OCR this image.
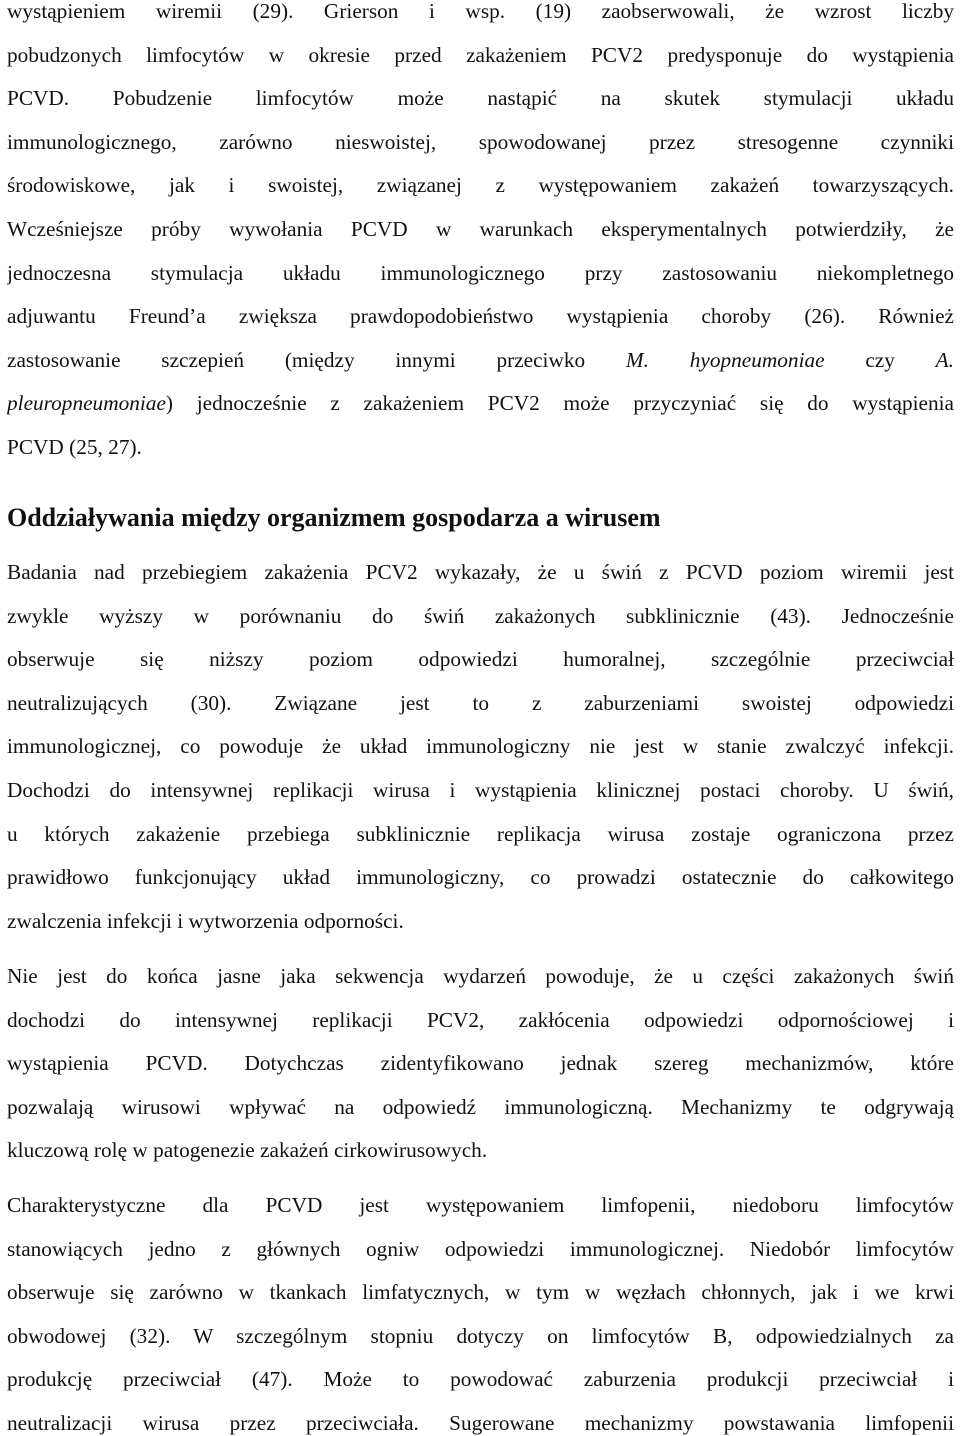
wystąpieniem wiremii (29). Grierson i wsp. (19) zaobserwowali, że wzrost liczby
pobudzonych limfocytów w okresie przed zakażeniem PCV2 predysponuje do wystąpienia
PCVD. Pobudzenie limfocytów może nastąpić na skutek stymulacji układu
immunologicznego, zarówno nieswoistej, spowodowanej przez stresogenne czynniki
środowiskowe, jak i swoistej, związanej z występowaniem zakażeń towarzyszących.
Wcześniejsze próby wywołania PCVD w warunkach eksperymentalnych potwierdziły, że
jednoczesna stymulacja układu immunologicznego przy zastosowaniu niekompletnego
adjuwantu Freund’a zwiększa prawdopodobieństwo wystąpienia choroby (26). Również
zastosowanie szczepień (między innymi przeciwko M. hyopneumoniae czy A.
pleuropneumoniae) jednocześnie z zakażeniem PCV2 może przyczyniać się do wystąpienia
PCVD (25, 27).
Oddziaływania między organizmem gospodarza a wirusem
Badania nad przebiegiem zakażenia PCV2 wykazały, że u świń z PCVD poziom wiremii jest
zwykle wyższy w porównaniu do świń zakażonych subklinicznie (43). Jednocześnie
obserwuje się niższy poziom odpowiedzi humoralnej, szczególnie przeciwciał
neutralizujących (30). Związane jest to z zaburzeniami swoistej odpowiedzi
immunologicznej, co powoduje że układ immunologiczny nie jest w stanie zwalczyć infekcji.
Dochodzi do intensywnej replikacji wirusa i wystąpienia klinicznej postaci choroby. U świń,
u których zakażenie przebiega subklinicznie replikacja wirusa zostaje ograniczona przez
prawidłowo funkcjonujący układ immunologiczny, co prowadzi ostatecznie do całkowitego
zwalczenia infekcji i wytworzenia odporności.
Nie jest do końca jasne jaka sekwencja wydarzeń powoduje, że u części zakażonych świń
dochodzi do intensywnej replikacji PCV2, zakłócenia odpowiedzi odpornościowej i
wystąpienia PCVD. Dotychczas zidentyfikowano jednak szereg mechanizmów, które
pozwalają wirusowi wpływać na odpowiedź immunologiczną. Mechanizmy te odgrywają
kluczową rolę w patogenezie zakażeń cirkowirusowych.
Charakterystyczne dla PCVD jest występowaniem limfopenii, niedoboru limfocytów
stanowiących jedno z głównych ogniw odpowiedzi immunologicznej. Niedobór limfocytów
obserwuje się zarówno w tkankach limfatycznych, w tym w węzłach chłonnych, jak i we krwi
obwodowej (32). W szczególnym stopniu dotyczy on limfocytów B, odpowiedzialnych za
produkcję przeciwciał (47). Może to powodować zaburzenia produkcji przeciwciał i
neutralizacji wirusa przez przeciwciała. Sugerowane mechanizmy powstawania limfopenii
